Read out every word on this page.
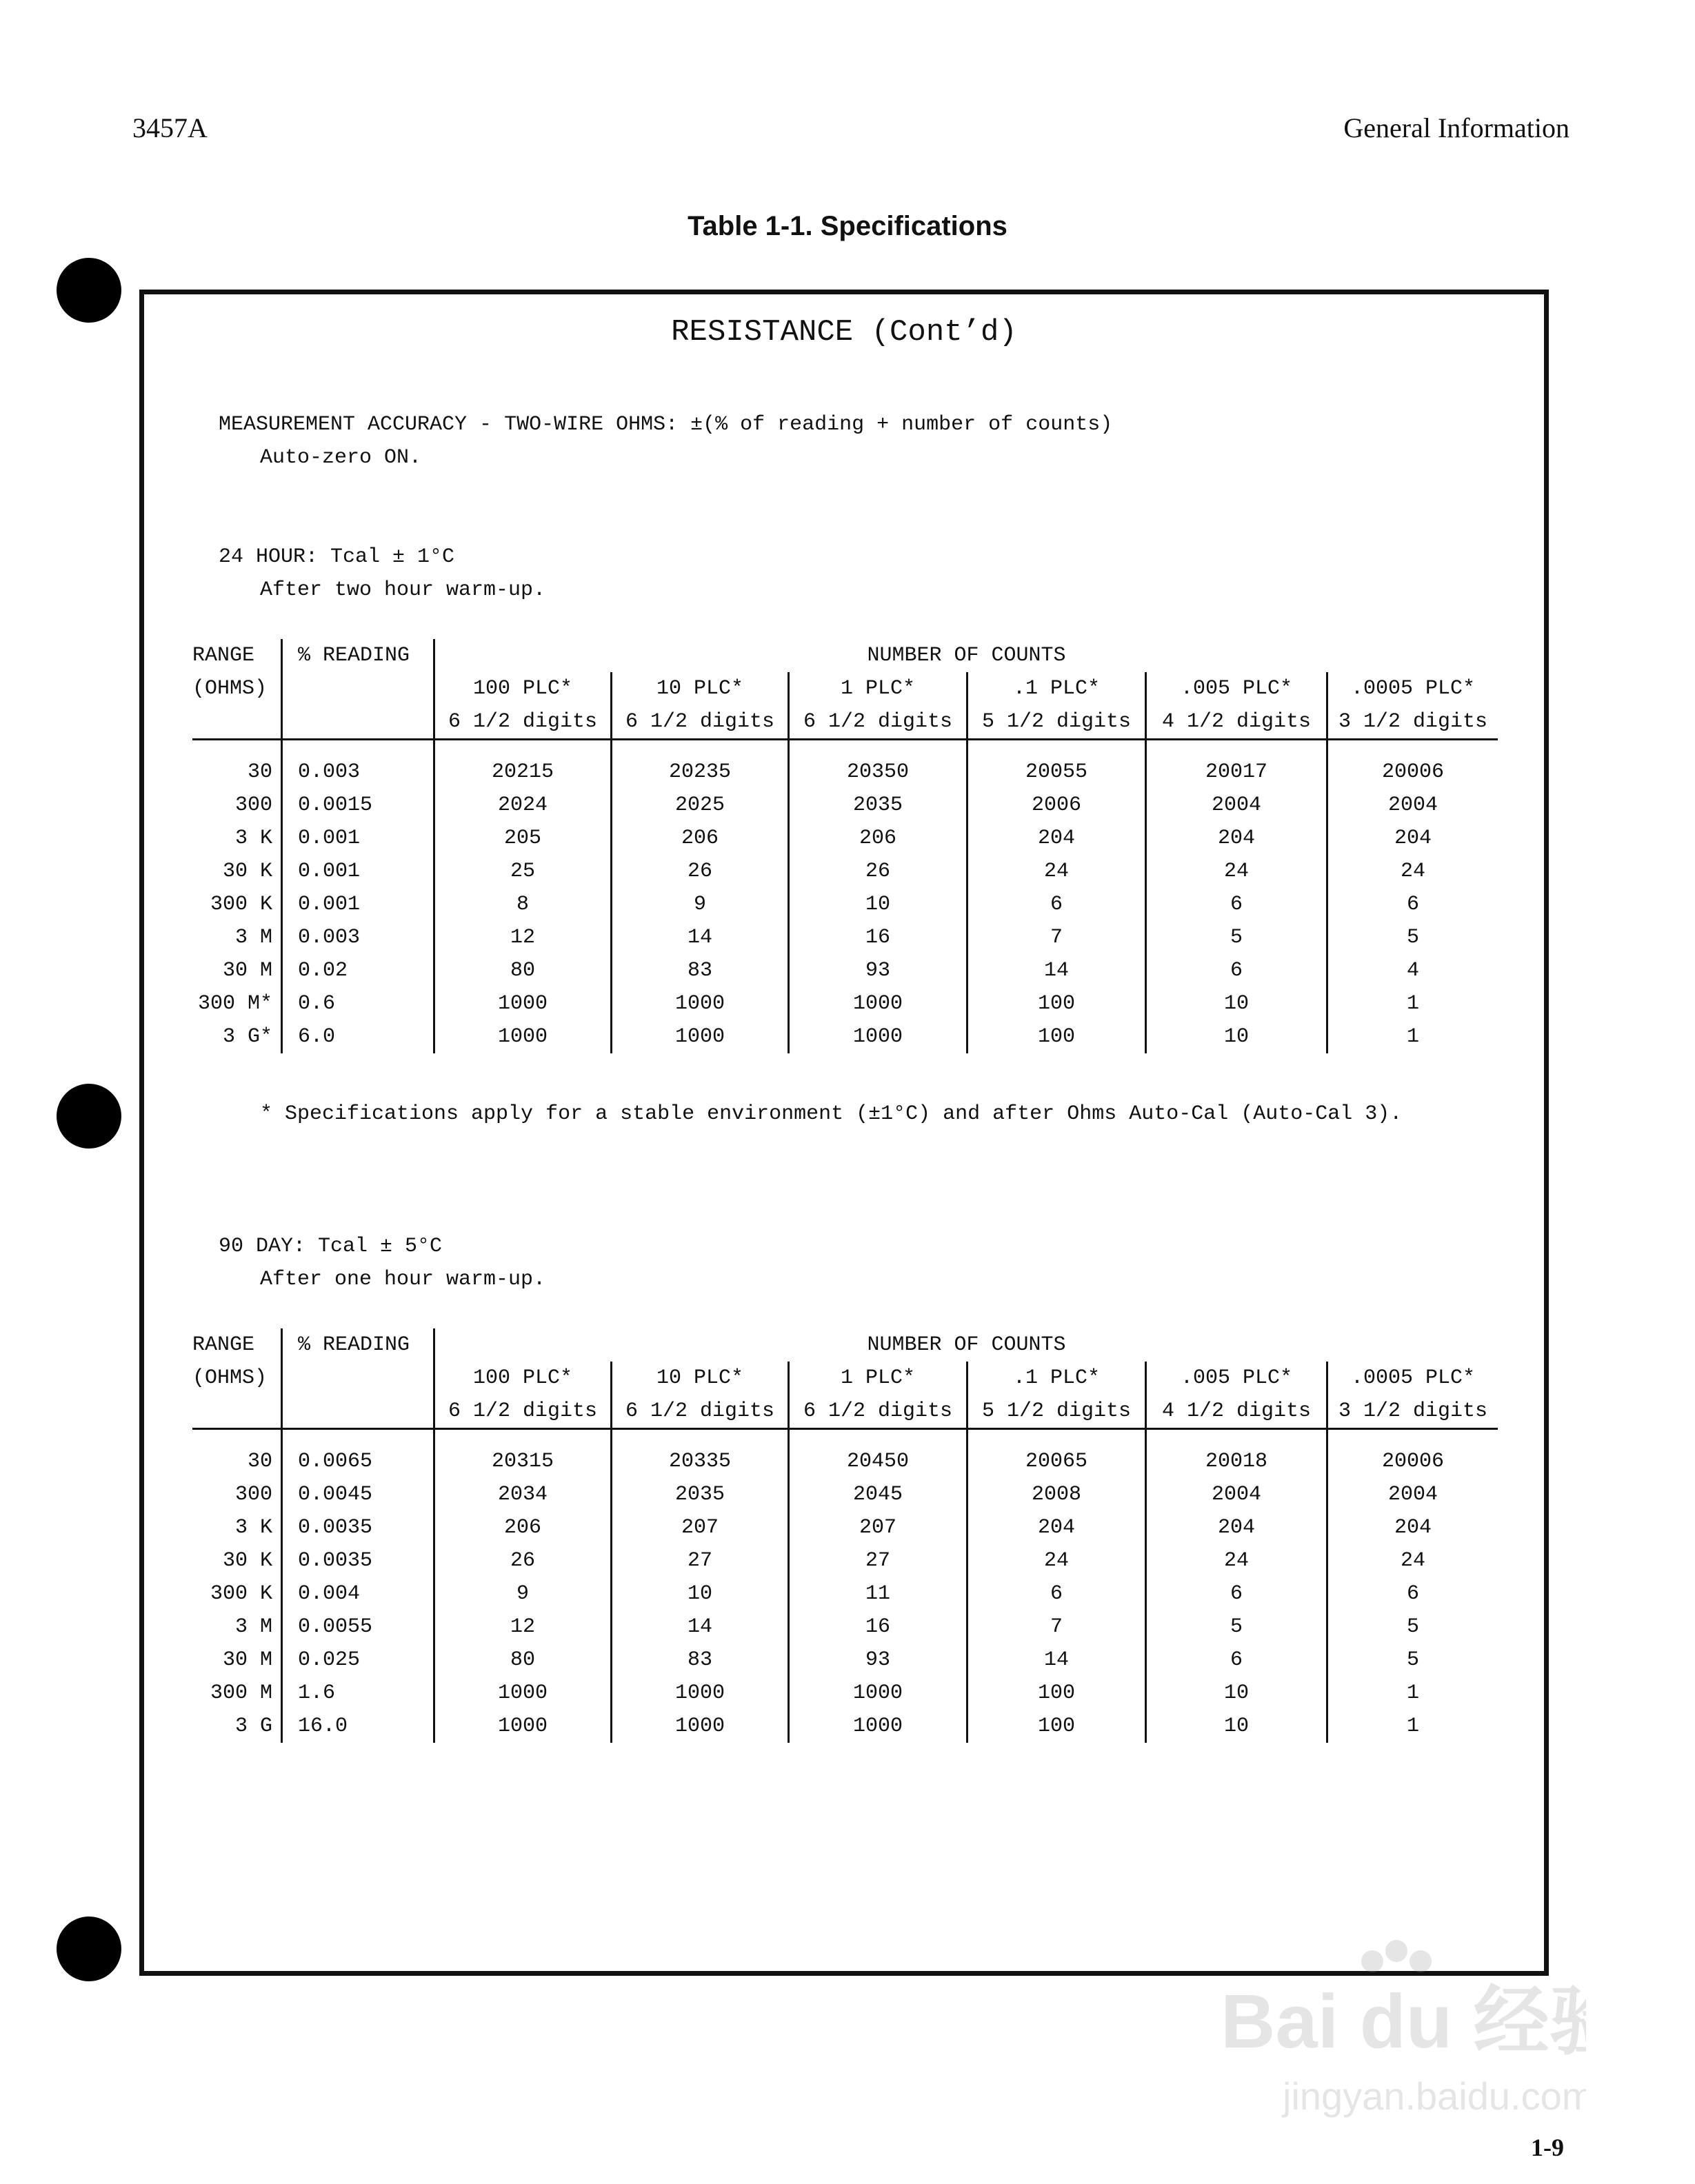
3457A	General Information
Table 1-1. Specifications
RESISTANCE (Cont’d)
MEASUREMENT ACCURACY - TWO-WIRE OHMS: ±(% of reading + number of counts)
Auto-zero ON.
24 HOUR: Tcal ± 1°C
After two hour warm-up.
RANGE	% READING	NUMBER OF COUNTS					
(OHMS)		100 PLC*	10 PLC*	1 PLC*	.1 PLC*	.005 PLC*	.0005 PLC*
		6 1/2 digits	6 1/2 digits	6 1/2 digits	5 1/2 digits	4 1/2 digits	3 1/2 digits

30	0.003	20215	20235	20350	20055	20017	20006
300	0.0015	2024	2025	2035	2006	2004	2004
3 K	0.001	205	206	206	204	204	204
30 K	0.001	25	26	26	24	24	24
300 K	0.001	8	9	10	6	6	6
3 M	0.003	12	14	16	7	5	5
30 M	0.02	80	83	93	14	6	4
300 M*	0.6	1000	1000	1000	100	10	1
3 G*	6.0	1000	1000	1000	100	10	1
* Specifications apply for a stable environment (±1°C) and after Ohms Auto-Cal (Auto-Cal 3).
90 DAY: Tcal ± 5°C
After one hour warm-up.
RANGE	% READING	NUMBER OF COUNTS					
(OHMS)		100 PLC*	10 PLC*	1 PLC*	.1 PLC*	.005 PLC*	.0005 PLC*
		6 1/2 digits	6 1/2 digits	6 1/2 digits	5 1/2 digits	4 1/2 digits	3 1/2 digits

30	0.0065	20315	20335	20450	20065	20018	20006
300	0.0045	2034	2035	2045	2008	2004	2004
3 K	0.0035	206	207	207	204	204	204
30 K	0.0035	26	27	27	24	24	24
300 K	0.004	9	10	11	6	6	6
3 M	0.0055	12	14	16	7	5	5
30 M	0.025	80	83	93	14	6	5
300 M	1.6	1000	1000	1000	100	10	1
3 G	16.0	1000	1000	1000	100	10	1
Bai du 经验
jingyan.baidu.com
1-9
